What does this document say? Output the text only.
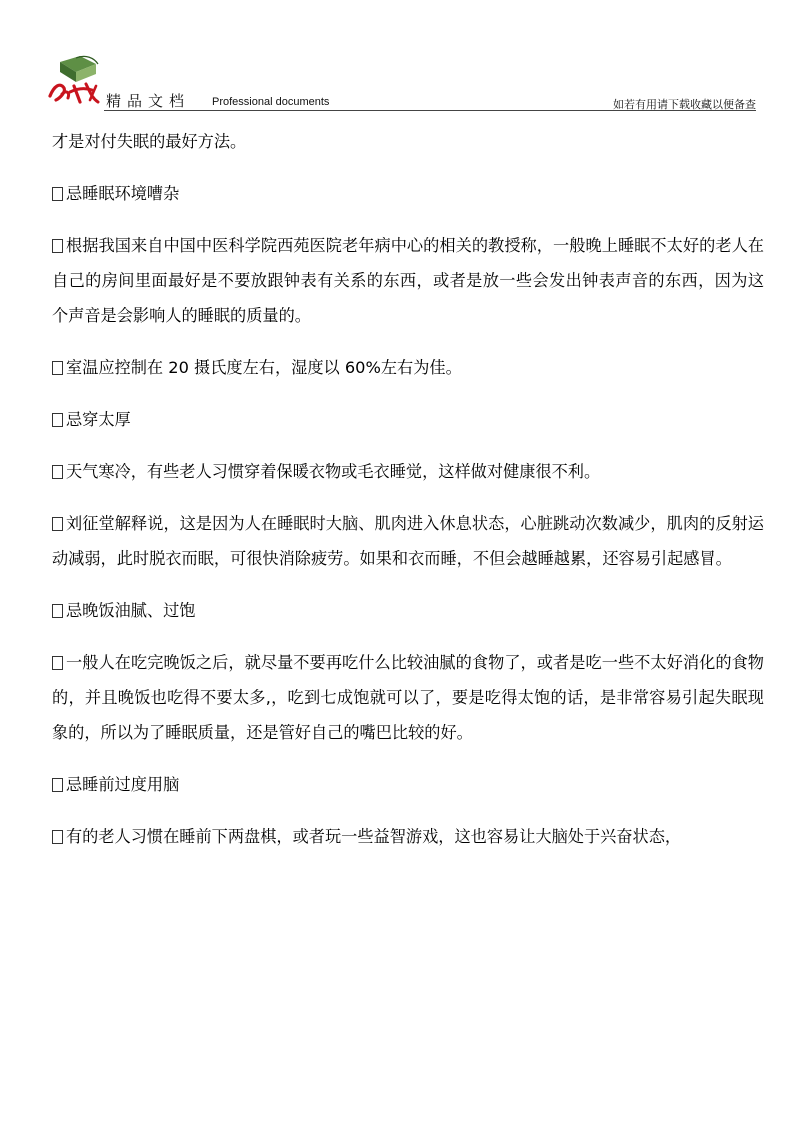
精品文档 Professional documents	如若有用请下载收藏以便备查

才是对付失眠的最好方法。

忌睡眠环境嘈杂

根据我国来自中国中医科学院西苑医院老年病中心的相关的教授称，一般晚上睡眠不太好的老人在自己的房间里面最好是不要放跟钟表有关系的东西，或者是放一些会发出钟表声音的东西，因为这个声音是会影响人的睡眠的质量的。

室温应控制在 20 摄氏度左右，湿度以 60%左右为佳。

忌穿太厚

天气寒冷，有些老人习惯穿着保暖衣物或毛衣睡觉，这样做对健康很不利。

刘征堂解释说，这是因为人在睡眠时大脑、肌肉进入休息状态，心脏跳动次数减少，肌肉的反射运动减弱，此时脱衣而眠，可很快消除疲劳。如果和衣而睡，不但会越睡越累，还容易引起感冒。

忌晚饭油腻、过饱

一般人在吃完晚饭之后，就尽量不要再吃什么比较油腻的食物了，或者是吃一些不太好消化的食物的，并且晚饭也吃得不要太多,，吃到七成饱就可以了，要是吃得太饱的话，是非常容易引起失眠现象的，所以为了睡眠质量，还是管好自己的嘴巴比较的好。

忌睡前过度用脑

有的老人习惯在睡前下两盘棋，或者玩一些益智游戏，这也容易让大脑处于兴奋状态，
